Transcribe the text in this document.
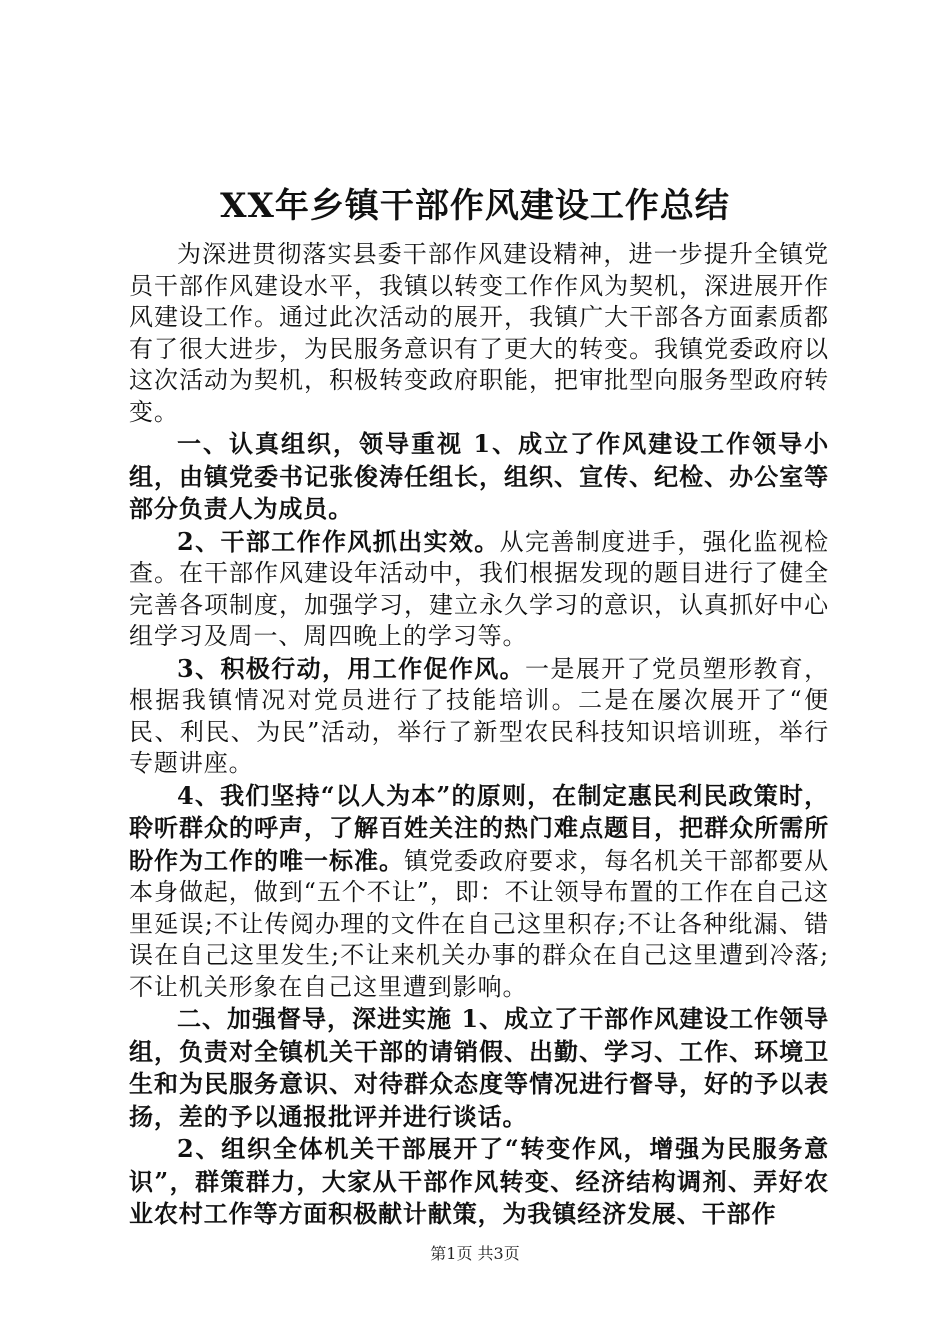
XX年乡镇干部作风建设工作总结

为深进贯彻落实县委干部作风建设精神，进一步提升全镇党员干部作风建设水平，我镇以转变工作作风为契机，深进展开作风建设工作。通过此次活动的展开，我镇广大干部各方面素质都有了很大进步，为民服务意识有了更大的转变。我镇党委政府以这次活动为契机，积极转变政府职能，把审批型向服务型政府转变。

一、认真组织，领导重视 1、成立了作风建设工作领导小组，由镇党委书记张俊涛任组长，组织、宣传、纪检、办公室等部分负责人为成员。

2、干部工作作风抓出实效。从完善制度进手，强化监视检查。在干部作风建设年活动中，我们根据发现的题目进行了健全完善各项制度，加强学习，建立永久学习的意识，认真抓好中心组学习及周一、周四晚上的学习等。

3、积极行动，用工作促作风。一是展开了党员塑形教育，根据我镇情况对党员进行了技能培训。二是在屡次展开了“便民、利民、为民”活动，举行了新型农民科技知识培训班，举行专题讲座。

4、我们坚持“以人为本”的原则，在制定惠民利民政策时，聆听群众的呼声，了解百姓关注的热门难点题目，把群众所需所盼作为工作的唯一标准。镇党委政府要求，每名机关干部都要从本身做起，做到“五个不让”，即：不让领导布置的工作在自己这里延误;不让传阅办理的文件在自己这里积存;不让各种纰漏、错误在自己这里发生;不让来机关办事的群众在自己这里遭到冷落;不让机关形象在自己这里遭到影响。

二、加强督导，深进实施 1、成立了干部作风建设工作领导组，负责对全镇机关干部的请销假、出勤、学习、工作、环境卫生和为民服务意识、对待群众态度等情况进行督导，好的予以表扬，差的予以通报批评并进行谈话。

2、组织全体机关干部展开了“转变作风，增强为民服务意识”，群策群力，大家从干部作风转变、经济结构调剂、弄好农业农村工作等方面积极献计献策，为我镇经济发展、干部作

第1页 共3页
